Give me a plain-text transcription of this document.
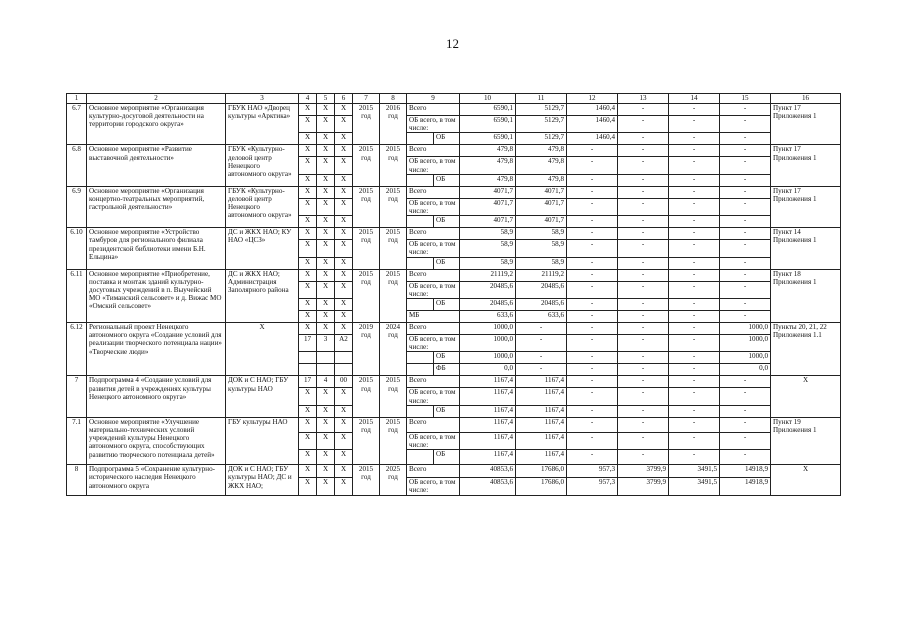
12
1	2	3	4	5	6	7	8	9		10	11	12	13	14	15	16
6.7	Основное мероприятие «Организация культурно-досуговой деятельности на территории городского округа»	ГБУК НАО «Дворец культуры «Арктика»	X	X	X	2015 год	2016 год	Всего		6590,1	5129,7	1460,4	-	-	-	Пункт 17 Приложения 1
			X	X	X			ОБ всего, в том числе:		6590,1	5129,7	1460,4	-	-	-	
			X	X	X				ОБ	6590,1	5129,7	1460,4	-	-	-	
6.8	Основное мероприятие «Развитие выставочной деятельности»	ГБУК «Культурно-деловой центр Ненецкого автономного округа»	X	X	X	2015 год	2015 год	Всего		479,8	479,8	-	-	-	-	Пункт 17 Приложения 1
			X	X	X			ОБ всего, в том числе:		479,8	479,8	-	-	-	-	
			X	X	X				ОБ	479,8	479,8	-	-	-	-	
6.9	Основное мероприятие «Организация концертно-театральных мероприятий, гастрольной деятельности»	ГБУК «Культурно-деловой центр Ненецкого автономного округа»	X	X	X	2015 год	2015 год	Всего		4071,7	4071,7	-	-	-	-	Пункт 17 Приложения 1
			X	X	X			ОБ всего, в том числе:		4071,7	4071,7	-	-	-	-	
			X	X	X				ОБ	4071,7	4071,7	-	-	-	-	
6.10	Основное мероприятие «Устройство тамбуров для регионального филиала президентской библиотеки имени Б.Н. Ельцина»	ДС и ЖКХ НАО; КУ НАО «ЦСЗ»	X	X	X	2015 год	2015 год	Всего		58,9	58,9	-	-	-	-	Пункт 14 Приложения 1
			X	X	X			ОБ всего, в том числе:		58,9	58,9	-	-	-	-	
			X	X	X				ОБ	58,9	58,9	-	-	-	-	
6.11	Основное мероприятие «Приобретение, поставка и монтаж зданий культурно-досуговых учреждений в п. Выучейский МО «Тиманский сельсовет» и д. Вижас МО «Омский сельсовет»	ДС и ЖКХ НАО; Администрация Заполярного района	X	X	X	2015 год	2015 год	Всего		21119,2	21119,2	-	-	-	-	Пункт 18 Приложения 1
			X	X	X			ОБ всего, в том числе:		20485,6	20485,6	-	-	-	-	
			X	X	X				ОБ	20485,6	20485,6	-	-	-	-	
			X	X	X			МБ		633,6	633,6	-	-	-	-	
6.12	Региональный проект Ненецкого автономного округа «Создание условий для реализации творческого потенциала нации» «Творческие люди»	X	X	X	X	2019 год	2024 год	Всего		1000,0	-	-	-	-	1000,0	Пункты 20, 21, 22 Приложения 1.1
			17	3	A2			ОБ всего, в том числе:		1000,0	-	-	-	-	1000,0	
									ОБ	1000,0	-	-	-	-	1000,0	
									ФБ	0,0	-	-	-	-	0,0	
7	Подпрограмма 4 «Создание условий для развития детей в учреждениях культуры Ненецкого автономного округа»	ДОК и С НАО; ГБУ культуры НАО	17	4	00	2015 год	2015 год	Всего		1167,4	1167,4	-	-	-	-	X
			X	X	X			ОБ всего, в том числе:		1167,4	1167,4	-	-	-	-	
			X	X	X				ОБ	1167,4	1167,4	-	-	-	-	
7.1	Основное мероприятие «Улучшение материально-технических условий учреждений культуры Ненецкого автономного округа, способствующих развитию творческого потенциала детей»	ГБУ культуры НАО	X	X	X	2015 год	2015 год	Всего		1167,4	1167,4	-	-	-	-	Пункт 19 Приложения 1
			X	X	X			ОБ всего, в том числе:		1167,4	1167,4	-	-	-	-	
			X	X	X				ОБ	1167,4	1167,4	-	-	-	-	
8	Подпрограмма 5 «Сохранение культурно-исторического наследия Ненецкого автономного округа	ДОК и С НАО; ГБУ культуры НАО; ДС и ЖКХ НАО;	X	X	X	2015 год	2025 год	Всего		40853,6	17686,0	957,3	3799,9	3491,5	14918,9	X
			X	X	X			ОБ всего, в том числе:		40853,6	17686,0	957,3	3799,9	3491,5	14918,9	
